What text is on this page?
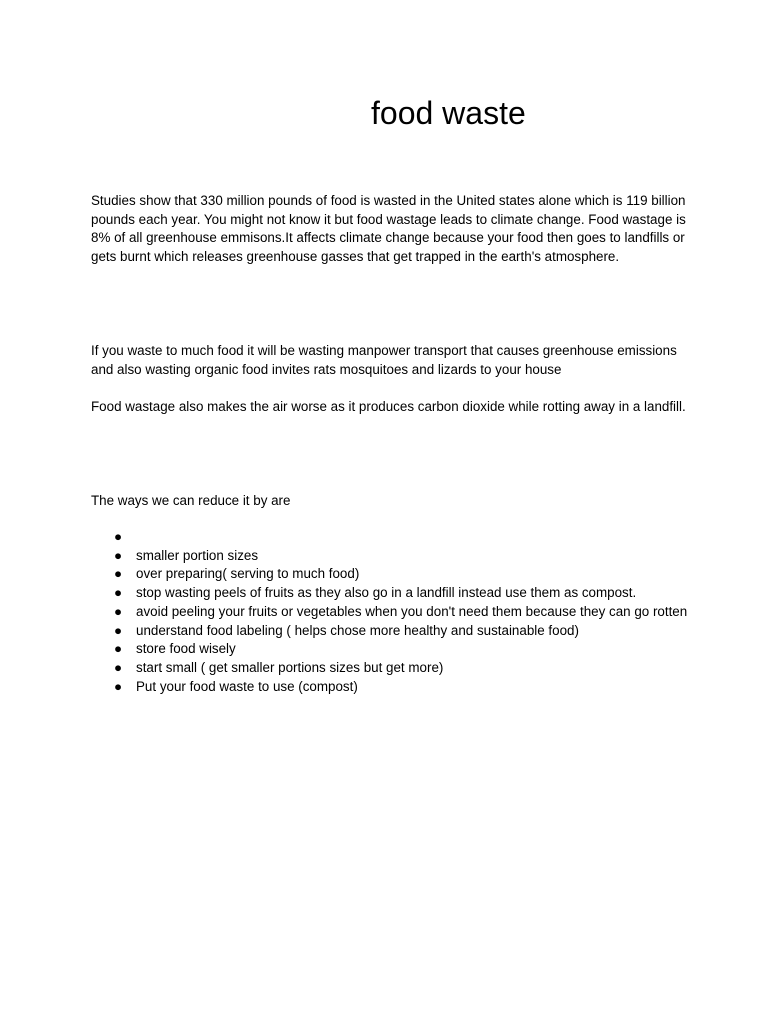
food waste

Studies show that 330 million pounds of food is wasted in the United states alone which is 119 billion pounds each year. You might not know it but food wastage leads to climate change. Food wastage is 8% of all greenhouse emmisons.It affects climate change because your food then goes to landfills or gets burnt which releases greenhouse gasses that get trapped in the earth's atmosphere.

If you waste to much food it will be wasting manpower transport that causes greenhouse emissions and also wasting organic food invites rats mosquitoes and lizards to your house

Food wastage also makes the air worse as it produces carbon dioxide while rotting away in a landfill.

The ways we can reduce it by are

●
● smaller portion sizes
● over preparing( serving to much food)
● stop wasting peels of fruits as they also go in a landfill instead use them as compost.
● avoid peeling your fruits or vegetables when you don't need them because they can go rotten
● understand food labeling ( helps chose more healthy and sustainable food)
● store food wisely
● start small ( get smaller portions sizes but get more)
● Put your food waste to use (compost)
